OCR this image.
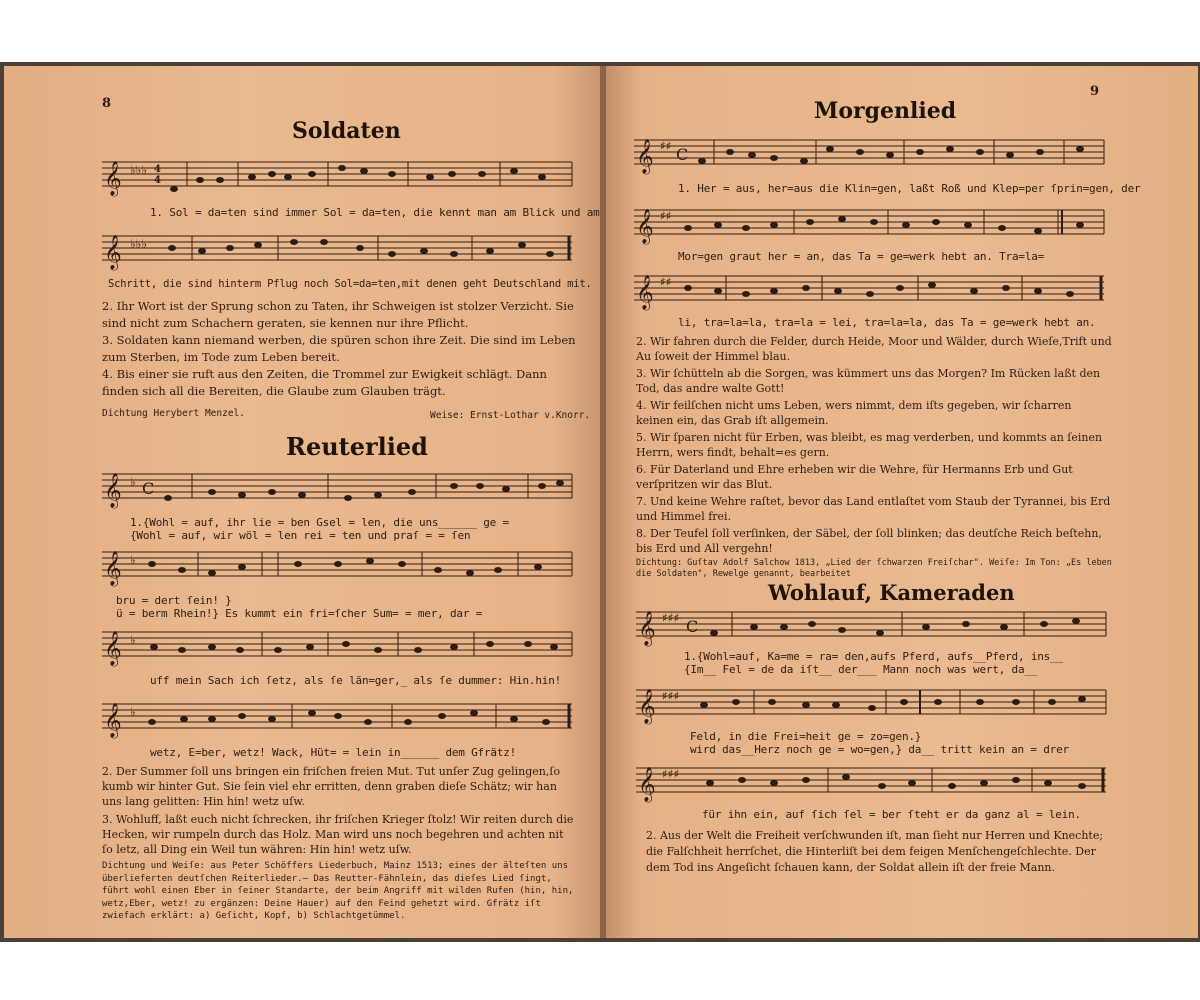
8
Soldaten
𝄞 ♭♭♭ 4
4
1. Sol = da=ten sind immer Sol = da=ten, die kennt man am Blick und am
𝄞 ♭♭♭
Schritt, die sind hinterm Pflug noch Sol=da=ten,mit denen geht Deutschland mit.
2. Ihr Wort ist der Sprung schon zu Taten, ihr Schweigen ist stolzer Verzicht. Sie sind nicht zum Schachern geraten, sie kennen nur ihre Pflicht.
3. Soldaten kann niemand werben, die spüren schon ihre Zeit. Die sind im Leben zum Sterben, im Tode zum Leben bereit.
4. Bis einer sie ruft aus den Zeiten, die Trommel zur Ewigkeit schlägt. Dann finden sich all die Bereiten, die Glaube zum Glauben trägt.
Dichtung Herybert Menzel.	Weise: Ernst-Lothar v.Knorr.
Reuterlied
𝄞 ♭ C
1.{Wohl = auf, ihr lie = ben Gsel = len, die uns______ ge =
{Wohl = auf, wir wöl = len rei = ten und praſ = = ſen
𝄞 ♭
bru = dert ſein! }
ü = berm Rhein!} Es kummt ein fri=ſcher Sum= = mer, dar =
𝄞 ♭
uff mein Sach ich ſetz, als ſe län=ger,_ als ſe dummer: Hin.hin!
𝄞 ♭
wetz, E=ber, wetz! Wack, Hüt= = lein in______ dem Gfrätz!
2. Der Summer ſoll uns bringen ein friſchen freien Mut. Tut unſer Zug gelingen,ſo kumb wir hinter Gut. Sie ſein viel ehr erritten, denn graben dieſe Schätz; wir han uns lang gelitten: Hin hin! wetz uſw.
3. Wohluff, laßt euch nicht ſchrecken, ihr friſchen Krieger ſtolz! Wir reiten durch die Hecken, wir rumpeln durch das Holz. Man wird uns noch begehren und achten nit ſo letz, all Ding ein Weil tun währen: Hin hin! wetz uſw.
Dichtung und Weiſe: aus Peter Schöffers Liederbuch, Mainz 1513; eines der älteſten uns überlieferten deutſchen Reiterlieder.– Das Reutter-Fähnlein, das dieſes Lied ſingt, führt wohl einen Eber in ſeiner Standarte, der beim Angriff mit wilden Rufen (hin, hin, wetz,Eber, wetz! zu ergänzen: Deine Hauer) auf den Feind gehetzt wird. Gfrätz iſt zwiefach erklärt: a) Geſicht, Kopf, b) Schlachtgetümmel.
9
Morgenlied
𝄞 ♯♯ C
1. Her = aus, her=aus die Klin=gen, laßt Roß und Klep=per ſprin=gen, der
𝄞 ♯♯
Mor=gen graut her = an, das Ta = ge=werk hebt an. Tra=la=
𝄞 ♯♯
li, tra=la=la, tra=la = lei, tra=la=la, das Ta = ge=werk hebt an.
2. Wir fahren durch die Felder, durch Heide, Moor und Wälder, durch Wieſe,Trift und Au ſoweit der Himmel blau.
3. Wir ſchütteln ab die Sorgen, was kümmert uns das Morgen? Im Rücken laßt den Tod, das andre walte Gott!
4. Wir feilſchen nicht ums Leben, wers nimmt, dem iſts gegeben, wir ſcharren keinen ein, das Grab iſt allgemein.
5. Wir ſparen nicht für Erben, was bleibt, es mag verderben, und kommts an ſeinen Herrn, wers findt, behalt=es gern.
6. Für Daterland und Ehre erheben wir die Wehre, für Hermanns Erb und Gut verſpritzen wir das Blut.
7. Und keine Wehre raſtet, bevor das Land entlaſtet vom Staub der Tyrannei, bis Erd und Himmel frei.
8. Der Teufel ſoll verſinken, der Säbel, der ſoll blinken; das deutſche Reich beſtehn, bis Erd und All vergehn!
Dichtung: Guſtav Adolf Salchow 1813, „Lied der ſchwarzen Freiſchar". Weiſe: Im Ton: „Es leben die Soldaten", Rewelge genannt, bearbeitet
Wohlauf, Kameraden
𝄞 ♯♯♯ C
1.{Wohl=auf, Ka=me = ra= den,aufs Pferd, aufs__Pferd, ins__
{Im__ Fel = de da iſt__ der___ Mann noch was wert, da__
𝄞 ♯♯♯
Feld, in die Frei=heit ge = zo=gen.}
wird das__Herz noch ge = wo=gen,} da__ tritt kein an = drer
𝄞 ♯♯♯
für ihn ein, auf ſich ſel = ber ſteht er da ganz al = lein.
2. Aus der Welt die Freiheit verſchwunden iſt, man ſieht nur Herren und Knechte; die Falſchheit herrſchet, die Hinterliſt bei dem feigen Menſchengeſchlechte. Der dem Tod ins Angeſicht ſchauen kann, der Soldat allein iſt der freie Mann.
